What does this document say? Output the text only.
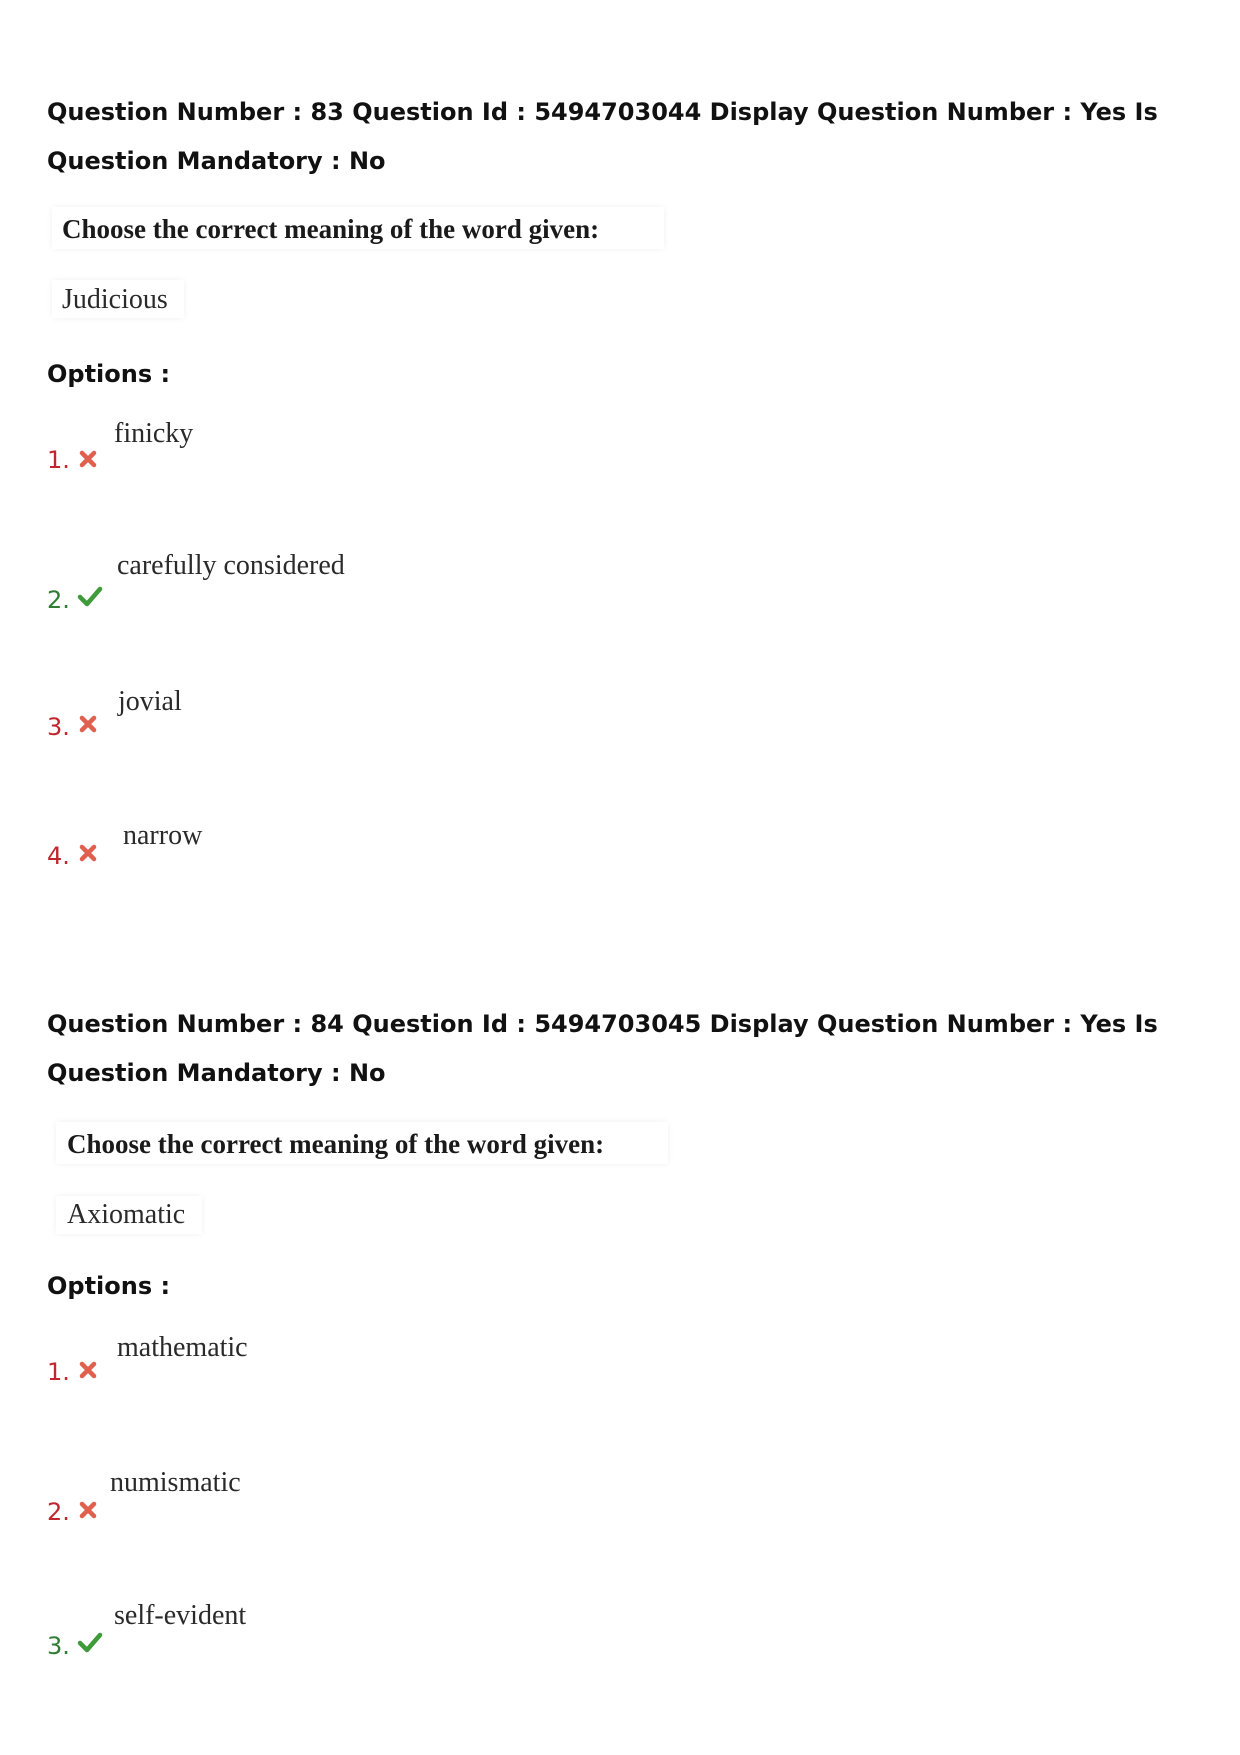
Question Number : 83 Question Id : 5494703044 Display Question Number : Yes Is Question Mandatory : No

Choose the correct meaning of the word given:
Judicious
Options :
1.
finicky
2.
carefully considered
3.
jovial
4.
narrow

Question Number : 84 Question Id : 5494703045 Display Question Number : Yes Is Question Mandatory : No

Choose the correct meaning of the word given:
Axiomatic
Options :
1.
mathematic
2.
numismatic
3.
self-evident
